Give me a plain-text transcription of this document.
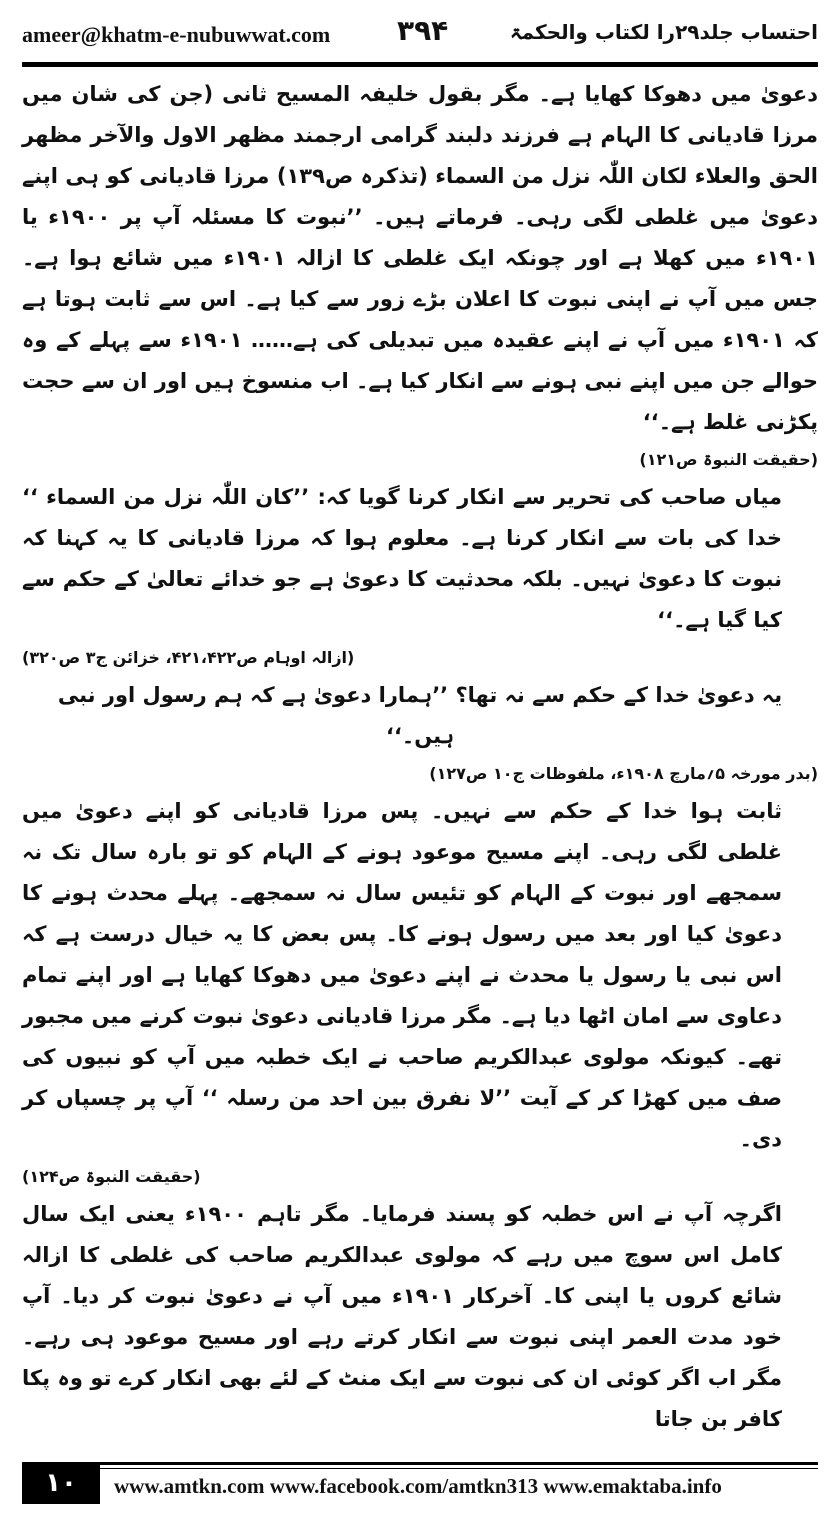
ameer@khatm-e-nubuwwat.com ۳۹۴	احتساب جلد۲۹را لکتاب والحکمۃ

دعویٰ میں دھوکا کھایا ہے۔ مگر بقول خلیفہ المسیح ثانی (جن کی شان میں مرزا قادیانی کا الہام ہے فرزند دلبند گرامی ارجمند مظھر الاول والآخر مظھر الحق والعلاء لکان اللّٰہ نزل من السماء (تذکرہ ص۱۳۹) مرزا قادیانی کو ہی اپنے دعویٰ میں غلطی لگی رہی۔ فرماتے ہیں۔ ’’نبوت کا مسئلہ آپ پر ۱۹۰۰ء یا ۱۹۰۱ء میں کھلا ہے اور چونکہ ایک غلطی کا ازالہ ۱۹۰۱ء میں شائع ہوا ہے۔ جس میں آپ نے اپنی نبوت کا اعلان بڑے زور سے کیا ہے۔ اس سے ثابت ہوتا ہے کہ ۱۹۰۱ء میں آپ نے اپنے عقیدہ میں تبدیلی کی ہے…… ۱۹۰۱ء سے پہلے کے وہ حوالے جن میں اپنے نبی ہونے سے انکار کیا ہے۔ اب منسوخ ہیں اور ان سے حجت پکڑنی غلط ہے۔‘‘

(حقیقت النبوۃ ص۱۲۱)

میاں صاحب کی تحریر سے انکار کرنا گویا کہ: ’’کان اللّٰہ نزل من السماء ‘‘ خدا کی بات سے انکار کرنا ہے۔ معلوم ہوا کہ مرزا قادیانی کا یہ کہنا کہ نبوت کا دعویٰ نہیں۔ بلکہ محدثیت کا دعویٰ ہے جو خدائے تعالیٰ کے حکم سے کیا گیا ہے۔‘‘

(ازالہ اوہام ص۴۲۱،۴۲۲، خزائن ج۳ ص۳۲۰)

یہ دعویٰ خدا کے حکم سے نہ تھا؟ ’’ہمارا دعویٰ ہے کہ ہم رسول اور نبی ہیں۔‘‘

(بدر مورخہ ۵؍مارچ ۱۹۰۸ء، ملفوظات ج۱۰ ص۱۲۷)

ثابت ہوا خدا کے حکم سے نہیں۔ پس مرزا قادیانی کو اپنے دعویٰ میں غلطی لگی رہی۔ اپنے مسیح موعود ہونے کے الہام کو تو بارہ سال تک نہ سمجھے اور نبوت کے الہام کو تئیس سال نہ سمجھے۔ پہلے محدث ہونے کا دعویٰ کیا اور بعد میں رسول ہونے کا۔ پس بعض کا یہ خیال درست ہے کہ اس نبی یا رسول یا محدث نے اپنے دعویٰ میں دھوکا کھایا ہے اور اپنے تمام دعاوی سے امان اٹھا دیا ہے۔ مگر مرزا قادیانی دعویٰ نبوت کرنے میں مجبور تھے۔ کیونکہ مولوی عبدالکریم صاحب نے ایک خطبہ میں آپ کو نبیوں کی صف میں کھڑا کر کے آیت ’’لا نفرق بین احد من رسلہ ‘‘ آپ پر چسپاں کر دی۔

(حقیقت النبوۃ ص۱۲۴)

اگرچہ آپ نے اس خطبہ کو پسند فرمایا۔ مگر تاہم ۱۹۰۰ء یعنی ایک سال کامل اس سوچ میں رہے کہ مولوی عبدالکریم صاحب کی غلطی کا ازالہ شائع کروں یا اپنی کا۔ آخرکار ۱۹۰۱ء میں آپ نے دعویٰ نبوت کر دیا۔ آپ خود مدت العمر اپنی نبوت سے انکار کرتے رہے اور مسیح موعود ہی رہے۔ مگر اب اگر کوئی ان کی نبوت سے ایک منٹ کے لئے بھی انکار کرے تو وہ پکا کافر بن جاتا

۱۰	www.amtkn.com www.facebook.com/amtkn313 www.emaktaba.info
